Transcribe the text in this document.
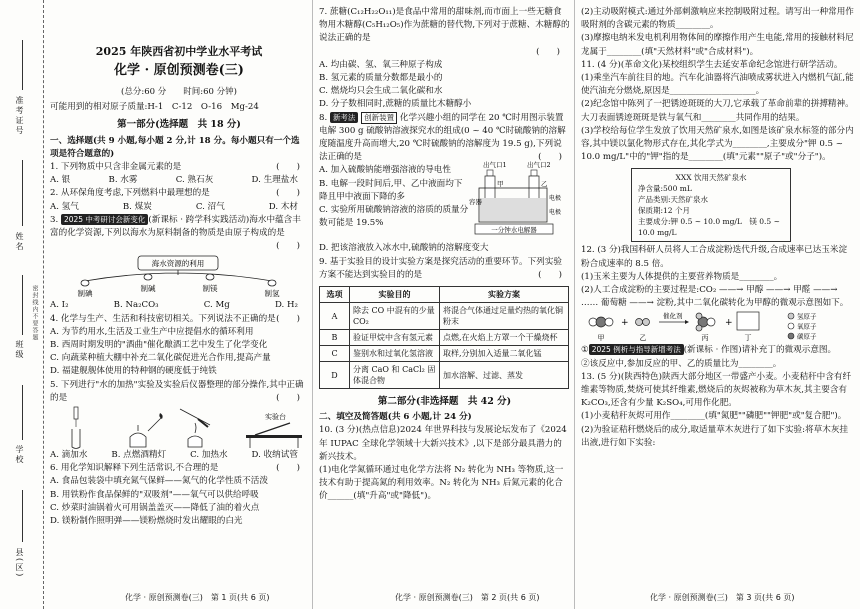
准考证号
姓名
班级
学校
县(区)
密封线内不要答题
2025 年陕西省初中学业水平考试
化学 · 原创预测卷(三)
(总分:60 分　　时间:60 分钟)
可能用到的相对原子质量:H-1　C-12　O-16　Mg-24
第一部分(选择题　共 18 分)
一、选择题(共 9 小题,每小题 2 分,计 18 分。每小题只有一个选项是符合题意的)
1. 下列物质中只含非金属元素的是	(　　)
A. 银	B. 水雾	C. 熟石灰	D. 生理盐水
2. 从环保角度考虑,下列燃料中最理想的是	(　　)
A. 氢气	B. 煤炭	C. 沼气	D. 木材
3. 2025 中考研讨会新变化 (新课标 · 跨学科实践活动)海水中蕴含丰富的化学资源,下列以海水为原料制备的物质是由原子构成的是
(　　)
海水资源的利用
制碘
制碱	制镁
制氢
A. I₂	B. Na₂CO₃	C. Mg	D. H₂
4. 化学与生产、生活和科技密切相关。下列说法不正确的是 (　　)
A. 为节约用水,生活及工业生产中应提倡水的循环利用
B. 西周时期发明的"酒曲"催化酿酒工艺中发生了化学变化
C. 向蔬菜种植大棚中补充二氧化碳促进光合作用,提高产量
D. 福建舰舰体使用的特种钢的硬度低于纯铁
5. 下列进行"水的加热"实验及实验后仪器整理的部分操作,其中正确的是	(　　)
实验台
A. 滴加水	B. 点燃酒精灯	C. 加热水	D. 收纳试管
6. 用化学知识解释下列生活常识,不合理的是	(　　)
A. 食品包装袋中填充氮气保鲜——氮气的化学性质不活泼
B. 用铁粉作食品保鲜的"双吸剂"——氧气可以供给呼吸
C. 炒菜时油锅着火可用锅盖盖灭——降低了油的着火点
D. 镁粉制作照明弹——镁粉燃烧时发出耀眼的白光
7. 蔗糖(C₁₂H₂₂O₁₁)是食品中常用的甜味剂,而市面上一些无糖食物用木糖醇(C₅H₁₂O₅)作为蔗糖的替代物,下列对于蔗糖、木糖醇的说法正确的是
(　　)
A. 均由碳、氢、氧三种原子构成
B. 氢元素的质量分数都是最小的
C. 燃烧均只会生成二氧化碳和水
D. 分子数相同时,蔗糖的质量比木糖醇小
8. 新考法 创新装置 化学兴趣小组的同学在 20 ℃时用图示装置电解 300 g 硫酸钠溶液探究水的组成(0 ~ 40 ℃时硫酸钠的溶解度随温度升高而增大,20 ℃时硫酸钠的溶解度为 19.5 g),下列说法正确的是	(　　)
A. 加入硫酸钠能增强溶液的导电性
B. 电解一段时间后,甲、乙中液面均下降且甲中液面下降的多
C. 实验所用硫酸钠溶液的溶质的质量分数可能是 19.5%
出气口1	出气口2
甲	乙
容器	电极
电极
一分钟水电解器
D. 把该溶液放入冰水中,硫酸钠的溶解度变大
9. 基于实验目的设计实验方案是探究活动的重要环节。下列实验方案不能达到实验目的的是	(　　)
选项	实验目的	实验方案
A	除去 CO 中混有的少量 CO₂	将混合气体通过足量灼热的氧化铜粉末
B	验证甲烷中含有氢元素	点燃,在火焰上方罩一个干燥烧杯
C	鉴别水和过氧化氢溶液	取样,分别加入适量二氧化锰
D	分离 CaO 和 CaCl₂ 固体混合物	加水溶解、过滤、蒸发
第二部分(非选择题　共 42 分)
二、填空及简答题(共 6 小题,计 24 分)
10. (3 分)(热点信息)2024 年世界科技与发展论坛发布了《2024 年 IUPAC 全球化学领域十大新兴技术》,以下是部分最具潜力的新兴技术。
(1)电化学氮循环通过电化学方法将 N₂ 转化为 NH₃ 等物质,这一技术有助于提高氮的利用效率。N₂ 转化为 NH₃ 后氮元素的化合价______(填"升高"或"降低")。
(2)主动吸附模式:通过外部刺激响应来控制吸附过程。请写出一种常用作吸附剂的含碳元素的物质________。
(3)摩擦电纳米发电机利用物体间的摩擦作用产生电能,常用的接触材料尼龙属于________(填"天然材料"或"合成材料")。
11. (4 分)(革命文化)某校组织学生去延安革命纪念馆进行研学活动。
(1)乘坐汽车前往目的地。汽车化油器将汽油喷成雾状进入内燃机气缸,能使汽油充分燃烧,原因是____________________。
(2)纪念馆中陈列了一把锈迹斑斑的大刀,它承载了革命前辈的拼搏精神。大刀表面锈迹斑斑是铁与氧气和________共同作用的结果。
(3)学校给每位学生发放了饮用天然矿泉水,如图是该矿泉水标签的部分内容,其中镁以氯化物形式存在,其化学式为________,主要成分"钾 0.5 ~ 10.0 mg/L"中的"钾"指的是________(填"元素""原子"或"分子")。
XXX 饮用天然矿泉水
净含量:500 mL
产品类别:天然矿泉水
保质期:12 个月
主要成分:钾 0.5 ~ 10.0 mg/L　镁 0.5 ~ 10.0 mg/L
12. (3 分)我国科研人员将人工合成淀粉迭代升级,合成速率已达玉米淀粉合成速率的 8.5 倍。
(1)玉米主要为人体提供的主要营养物质是________。
(2)人工合成淀粉的主要过程是:CO₂ ——→ 甲醇 ——→ 甲醛 ——→ …… 葡萄糖 ——→ 淀粉,其中二氧化碳转化为甲醇的微观示意图如下。
甲
+
乙
催化剂
丙
+
丁
氢原子
氧原子
碳原子
① 2025 例析与指导新增考法 (新课标 · 作图)请补充丁的微观示意图。
②该反应中,参加反应的甲、乙的质量比为________。
13. (5 分)(陕西特色)陕西大部分地区一带盛产小麦。小麦秸秆中含有纤维素等物质,焚烧可使其纤维素,燃烧后的灰烬被称为草木灰,其主要含有 K₂CO₃,还含有少量 K₂SO₄,可用作化肥。
(1)小麦秸秆灰烬可用作________(填"氮肥""磷肥""钾肥"或"复合肥")。
(2)为验证秸秆燃烧后的成分,取适量草木灰进行了如下实验:将草木灰挂出液,进行如下实验:
化学 · 原创预测卷(三)　第 1 页(共 6 页)	化学 · 原创预测卷(三)　第 2 页(共 6 页)	化学 · 原创预测卷(三)　第 3 页(共 6 页)
